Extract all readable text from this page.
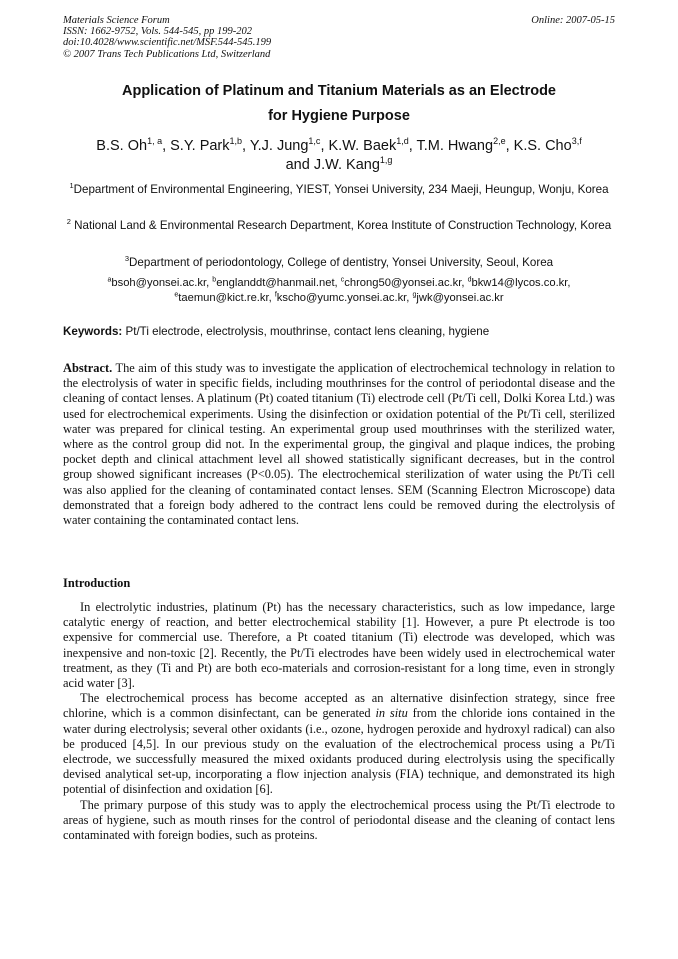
Materials Science Forum
ISSN: 1662-9752, Vols. 544-545, pp 199-202
doi:10.4028/www.scientific.net/MSF.544-545.199
© 2007 Trans Tech Publications Ltd, Switzerland
Online: 2007-05-15
Application of Platinum and Titanium Materials as an Electrode
for Hygiene Purpose
B.S. Oh$^{1, a}$, S.Y. Park$^{1,b}$, Y.J. Jung$^{1,c}$, K.W. Baek$^{1,d}$, T.M. Hwang$^{2,e}$, K.S. Cho$^{3,f}$
and J.W. Kang$^{1,g}$
$^1$Department of Environmental Engineering, YIEST, Yonsei University, 234 Maeji, Heungup, Wonju, Korea
$^2$ National Land & Environmental Research Department, Korea Institute of Construction Technology, Korea
$^3$Department of periodontology, College of dentistry, Yonsei University, Seoul, Korea
$^a$bsoh@yonsei.ac.kr, $^b$englanddt@hanmail.net, $^c$chrong50@yonsei.ac.kr, $^d$bkw14@lycos.co.kr,
$^e$taemun@kict.re.kr, $^f$kscho@yumc.yonsei.ac.kr, $^g$jwk@yonsei.ac.kr
Keywords: Pt/Ti electrode, electrolysis, mouthrinse, contact lens cleaning, hygiene
Abstract. The aim of this study was to investigate the application of electrochemical technology in relation to the electrolysis of water in specific fields, including mouthrinses for the control of periodontal disease and the cleaning of contact lenses. A platinum (Pt) coated titanium (Ti) electrode cell (Pt/Ti cell, Dolki Korea Ltd.) was used for electrochemical experiments. Using the disinfection or oxidation potential of the Pt/Ti cell, sterilized water was prepared for clinical testing. An experimental group used mouthrinses with the sterilized water, where as the control group did not. In the experimental group, the gingival and plaque indices, the probing pocket depth and clinical attachment level all showed statistically significant decreases, but in the control group showed significant increases (P<0.05). The electrochemical sterilization of water using the Pt/Ti cell was also applied for the cleaning of contaminated contact lenses. SEM (Scanning Electron Microscope) data demonstrated that a foreign body adhered to the contract lens could be removed during the electrolysis of water containing the contaminated contact lens.
Introduction

In electrolytic industries, platinum (Pt) has the necessary characteristics, such as low impedance, large catalytic energy of reaction, and better electrochemical stability [1]. However, a pure Pt electrode is too expensive for commercial use. Therefore, a Pt coated titanium (Ti) electrode was developed, which was inexpensive and non-toxic [2]. Recently, the Pt/Ti electrodes have been widely used in electrochemical water treatment, as they (Ti and Pt) are both eco-materials and corrosion-resistant for a long time, even in strongly acid water [3].

The electrochemical process has become accepted as an alternative disinfection strategy, since free chlorine, which is a common disinfectant, can be generated in situ from the chloride ions contained in the water during electrolysis; several other oxidants (i.e., ozone, hydrogen peroxide and hydroxyl radical) can also be produced [4,5]. In our previous study on the evaluation of the electrochemical process using a Pt/Ti electrode, we successfully measured the mixed oxidants produced during electrolysis using the specifically devised analytical set-up, incorporating a flow injection analysis (FIA) technique, and demonstrated its high potential of disinfection and oxidation [6].

The primary purpose of this study was to apply the electrochemical process using the Pt/Ti electrode to areas of hygiene, such as mouth rinses for the control of periodontal disease and the cleaning of contact lens contaminated with foreign bodies, such as proteins.
